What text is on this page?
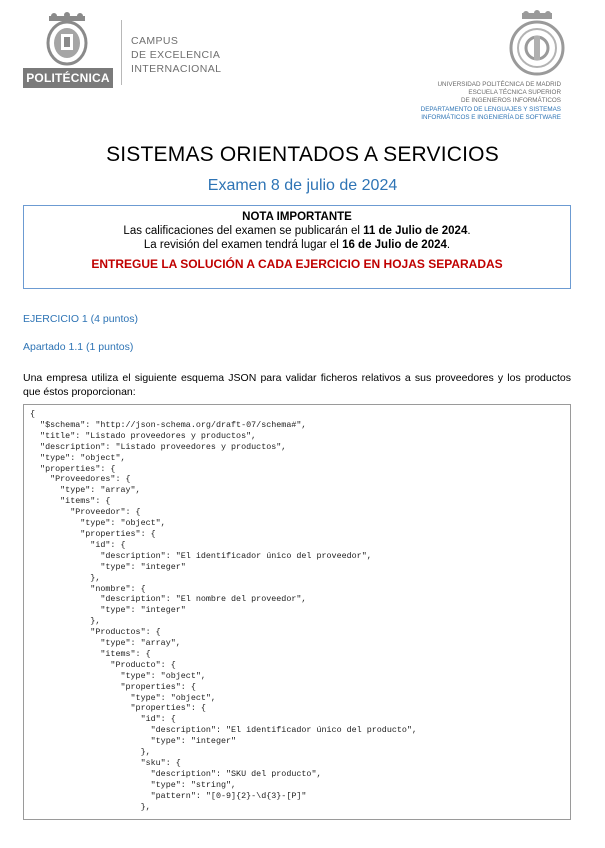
POLITÉCNICA
CAMPUS
DE EXCELENCIA
INTERNACIONAL
UNIVERSIDAD POLITÉCNICA DE MADRID
ESCUELA TÉCNICA SUPERIOR
DE INGENIEROS INFORMÁTICOS
DEPARTAMENTO DE LENGUAJES Y SISTEMAS
INFORMÁTICOS E INGENIERÍA DE SOFTWARE
SISTEMAS ORIENTADOS A SERVICIOS
Examen 8 de julio de 2024
NOTA IMPORTANTE
Las calificaciones del examen se publicarán el 11 de Julio de 2024.
La revisión del examen tendrá lugar el 16 de Julio de 2024.
ENTREGUE LA SOLUCIÓN A CADA EJERCICIO EN HOJAS SEPARADAS
EJERCICIO 1 (4 puntos)
Apartado 1.1 (1 puntos)
Una empresa utiliza el siguiente esquema JSON para validar ficheros relativos a sus proveedores y los productos que éstos proporcionan:
{
"$schema": "http://json-schema.org/draft-07/schema#",
"title": "Listado proveedores y productos",
"description": "Listado proveedores y productos",
"type": "object",
"properties": {
"Proveedores": {
"type": "array",
"items": {
"Proveedor": {
"type": "object",
"properties": {
"id": {
"description": "El identificador único del proveedor",
"type": "integer"
},
"nombre": {
"description": "El nombre del proveedor",
"type": "integer"
},
"Productos": {
"type": "array",
"items": {
"Producto": {
"type": "object",
"properties": {
"type": "object",
"properties": {
"id": {
"description": "El identificador único del producto",
"type": "integer"
},
"sku": {
"description": "SKU del producto",
"type": "string",
"pattern": "[0-9]{2}-\d{3}-[P]"
},
